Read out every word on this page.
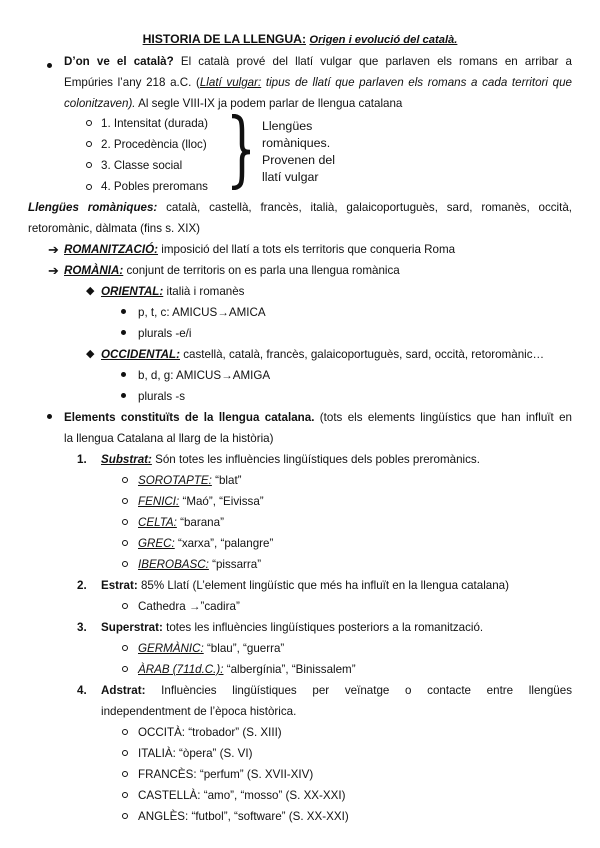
HISTORIA DE LA LLENGUA: Origen i evolució del català.
D’on ve el català? El català prové del llatí vulgar que parlaven els romans en arribar a
Empúries l’any 218 a.C. (Llatí vulgar: tipus de llatí que parlaven els romans a cada territori que
colonitzaven). Al segle VIII-IX ja podem parlar de llengua catalana
1. Intensitat (durada)
2. Procedència (lloc)
3. Classe social
4. Pobles preromans
Llengües
romàniques.
Provenen del
llatí vulgar
Llengües romàniques: català, castellà, francès, italià, galaicoportuguès, sard, romanès, occità,
retoromànic, dàlmata (fins s. XIX)
➔ ROMANITZACIÓ: imposició del llatí a tots els territoris que conqueria Roma
➔ ROMÀNIA: conjunt de territoris on es parla una llengua romànica
◆ ORIENTAL: italià i romanès
p, t, c: AMICUS→AMICA
plurals -e/i
◆ OCCIDENTAL: castellà, català, francès, galaicoportuguès, sard, occità, retoromànic…
b, d, g: AMICUS→AMIGA
plurals -s
Elements constituïts de la llengua catalana. (tots els elements lingüístics que han influït en
la llengua Catalana al llarg de la història)
1. Substrat: Són totes les influències lingüístiques dels pobles preromànics.
SOROTAPTE: “blat”
FENICI: “Maó”, “Eivissa”
CELTA: “barana”
GREC: “xarxa”, “palangre”
IBEROBASC: “pissarra”
2. Estrat: 85% Llatí (L’element lingüístic que més ha influït en la llengua catalana)
Cathedra →”cadira”
3. Superstrat: totes les influències lingüístiques posteriors a la romanització.
GERMÀNIC: “blau”, “guerra”
ÀRAB (711d.C.): “albergínia”, “Binissalem”
4. Adstrat: Influències lingüístiques per veïnatge o contacte entre llengües
independentment de l’època històrica.
OCCITÀ: “trobador” (S. XIII)
ITALIÀ: “òpera” (S. VI)
FRANCÈS: “perfum” (S. XVII-XIV)
CASTELLÀ: “amo”, “mosso” (S. XX-XXI)
ANGLÈS: “futbol”, “software” (S. XX-XXI)
